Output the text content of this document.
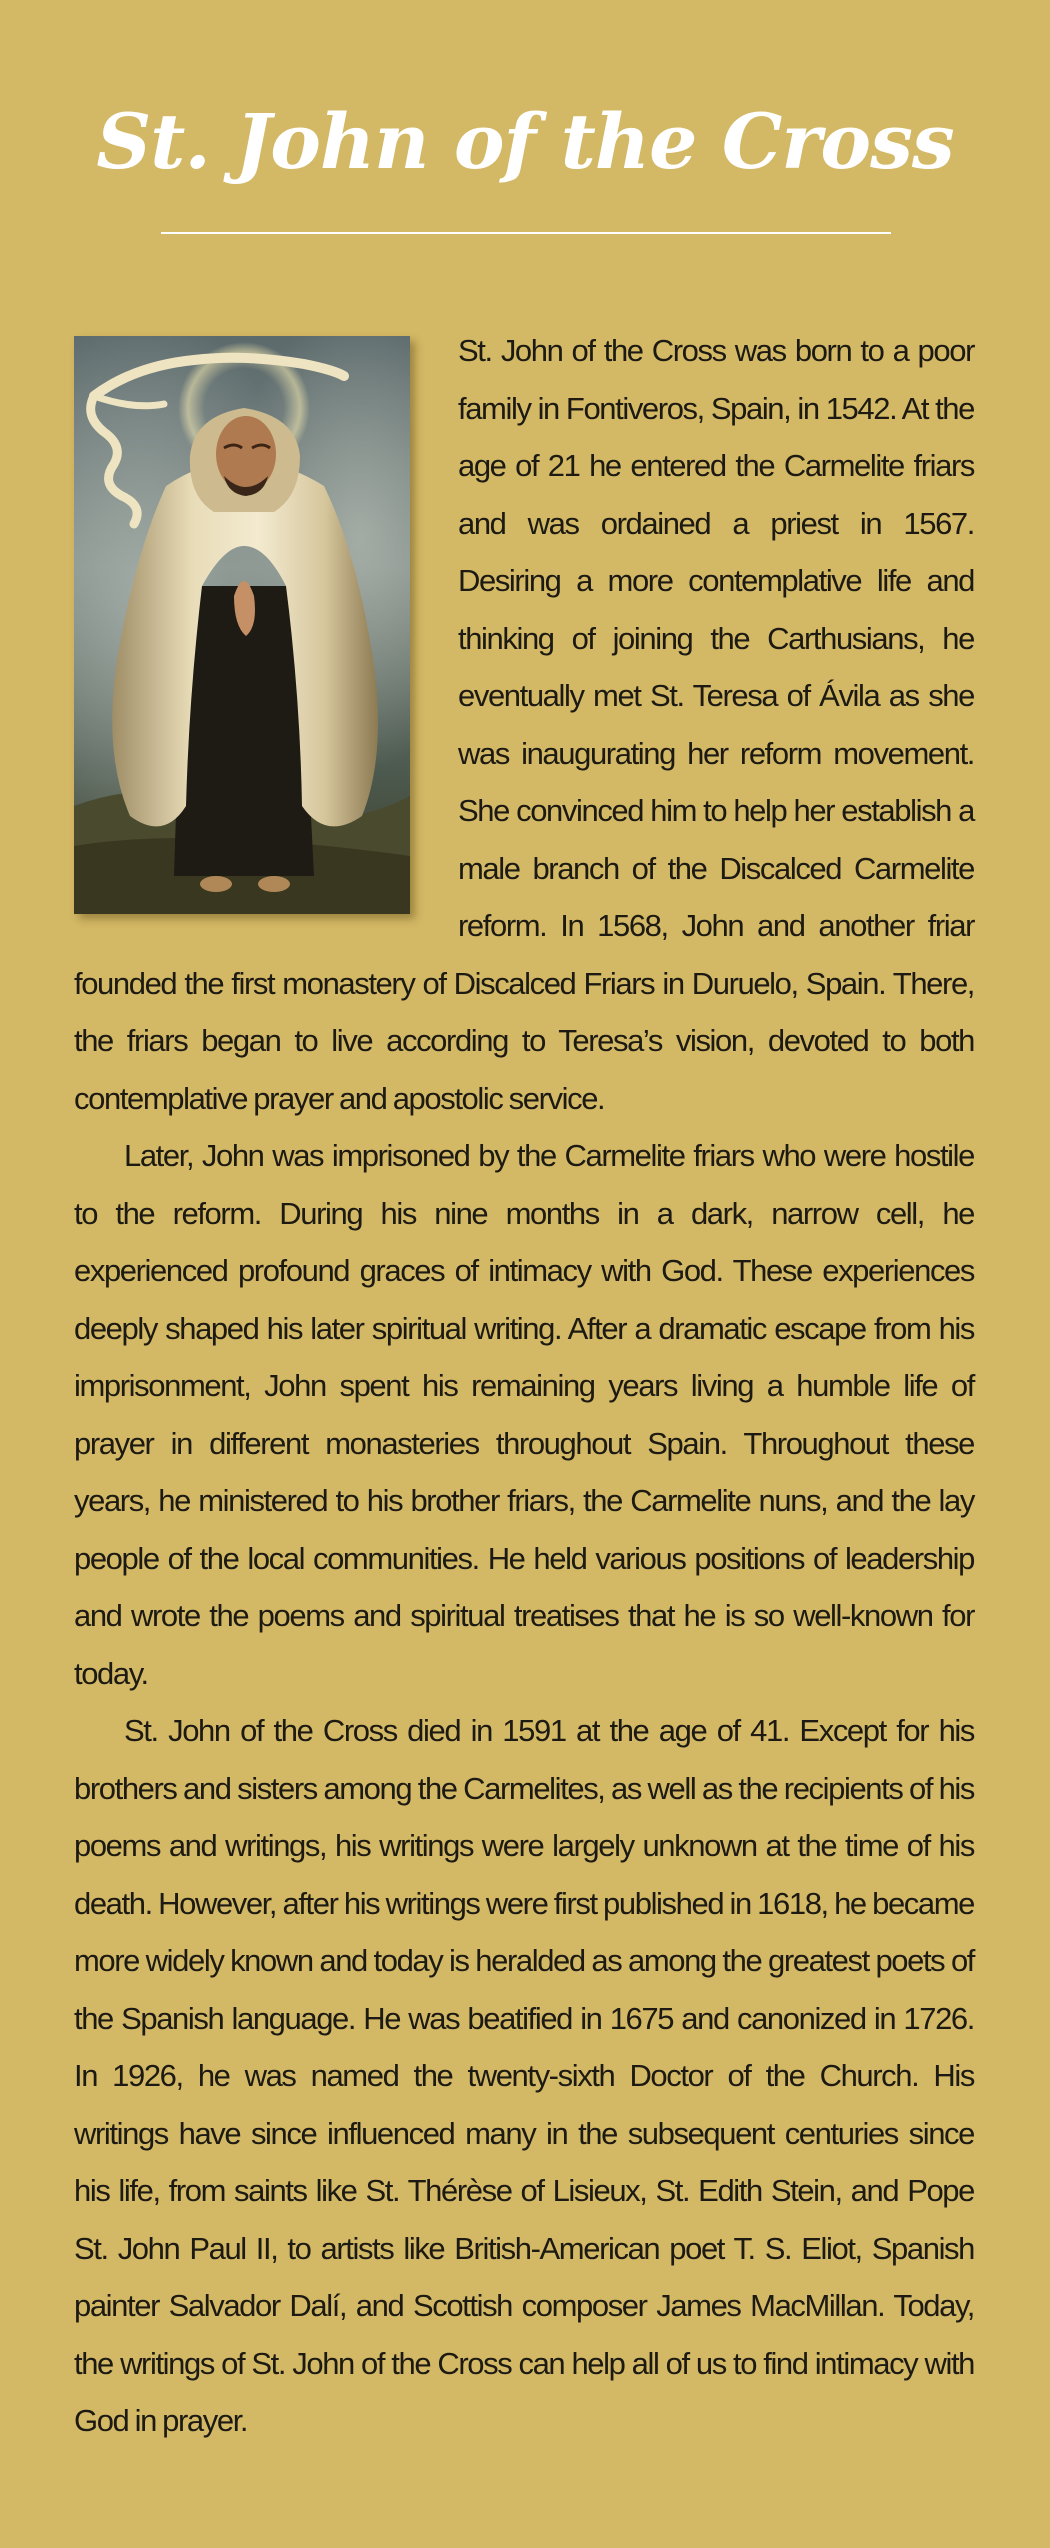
St. John of the Cross

St. John of the Cross was born to a poor family in Fontiveros, Spain, in 1542. At the age of 21 he entered the Carmelite friars and was ordained a priest in 1567. Desiring a more contemplative life and thinking of joining the Carthusians, he eventually met St. Teresa of Ávila as she was inaugurating her reform movement. She convinced him to help her establish a male branch of the Discalced Carmelite reform. In 1568, John and another friar founded the first monastery of Discalced Friars in Duruelo, Spain. There, the friars began to live according to Teresa’s vision, devoted to both contemplative prayer and apostolic service.

Later, John was imprisoned by the Carmelite friars who were hostile to the reform. During his nine months in a dark, narrow cell, he experienced profound graces of intimacy with God. These experiences deeply shaped his later spiritual writing. After a dramatic escape from his imprisonment, John spent his remaining years living a humble life of prayer in different monasteries throughout Spain. Throughout these years, he ministered to his brother friars, the Carmelite nuns, and the lay people of the local communities. He held various positions of leadership and wrote the poems and spiritual treatises that he is so well-known for today.

St. John of the Cross died in 1591 at the age of 41. Except for his brothers and sisters among the Carmelites, as well as the recipients of his poems and writings, his writings were largely unknown at the time of his death. However, after his writings were first published in 1618, he became more widely known and today is heralded as among the greatest poets of the Spanish language. He was beatified in 1675 and canonized in 1726. In 1926, he was named the twenty-sixth Doctor of the Church. His writings have since influenced many in the subsequent centuries since his life, from saints like St. Thérèse of Lisieux, St. Edith Stein, and Pope St. John Paul II, to artists like British-American poet T. S. Eliot, Spanish painter Salvador Dalí, and Scottish composer James MacMillan. Today, the writings of St. John of the Cross can help all of us to find intimacy with God in prayer.
